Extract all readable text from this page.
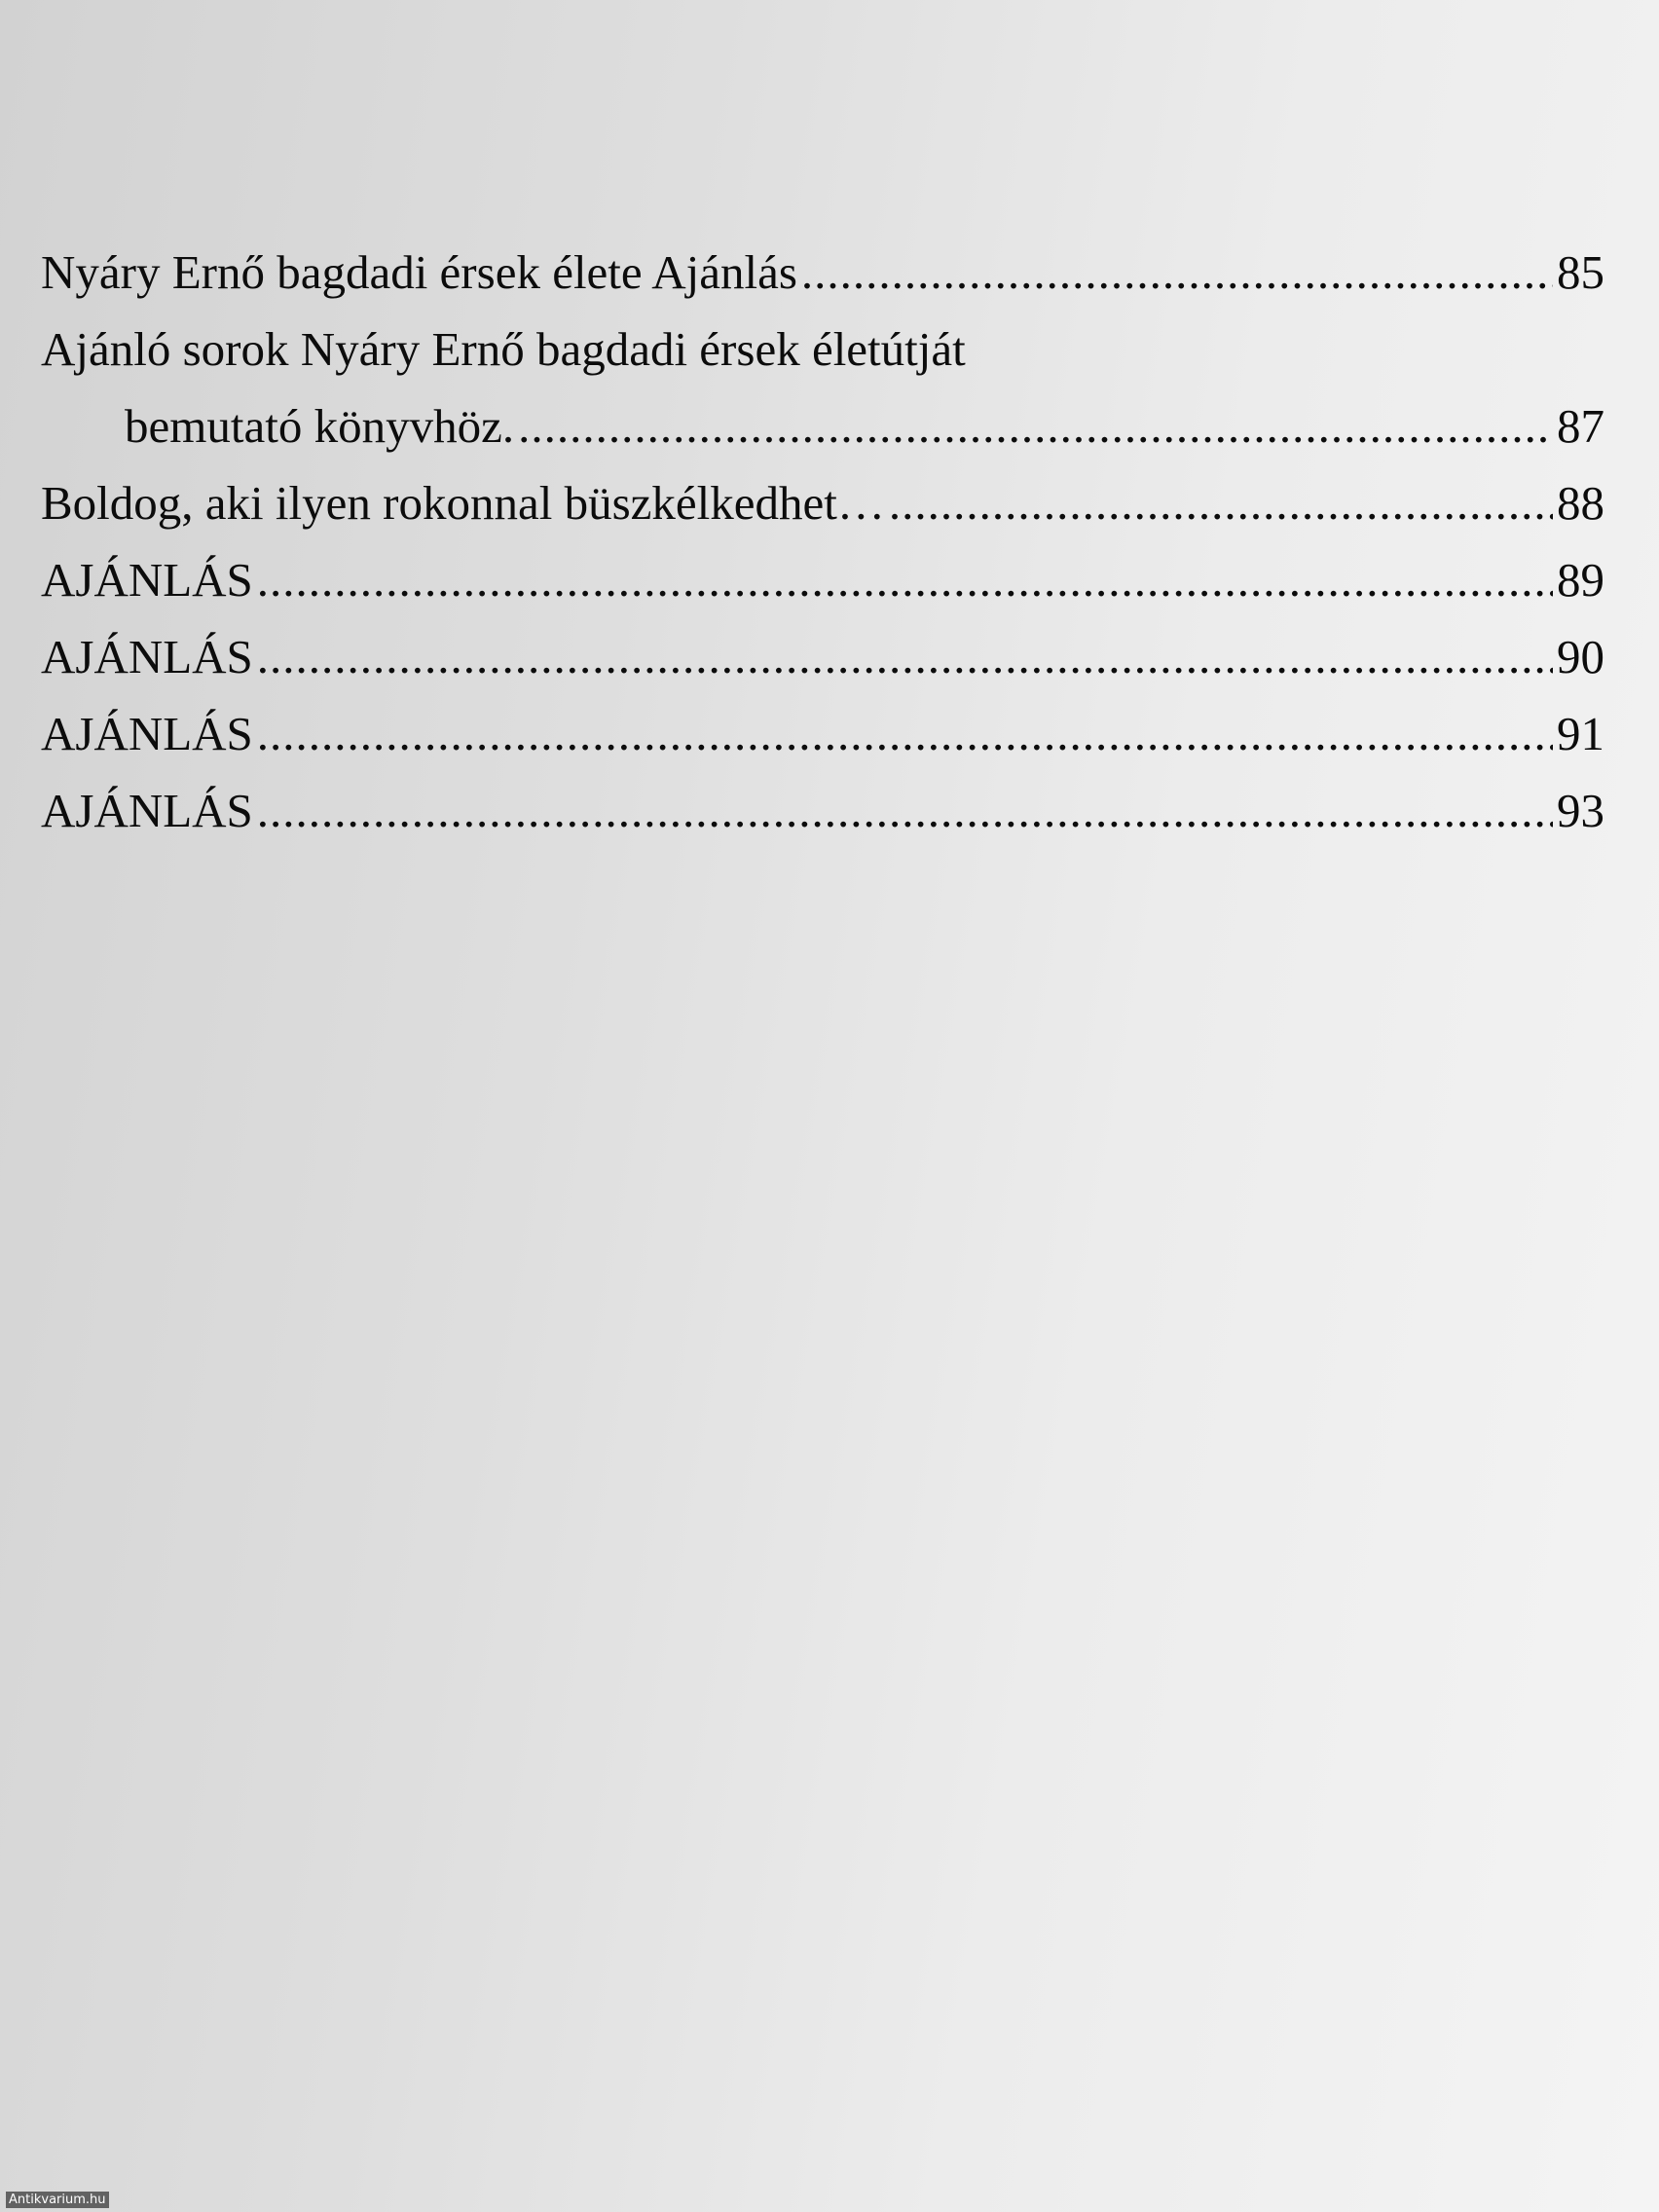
Nyáry Ernő bagdadi érsek élete Ajánlás .....	85
Ajánló sorok Nyáry Ernő bagdadi érsek életútját
bemutató könyvhöz. .....	87
Boldog, aki ilyen rokonnal büszkélkedhet… .....	88
AJÁNLÁS .....	89
AJÁNLÁS .....	90
AJÁNLÁS .....	91
AJÁNLÁS .....	93
Antikvarium.hu
